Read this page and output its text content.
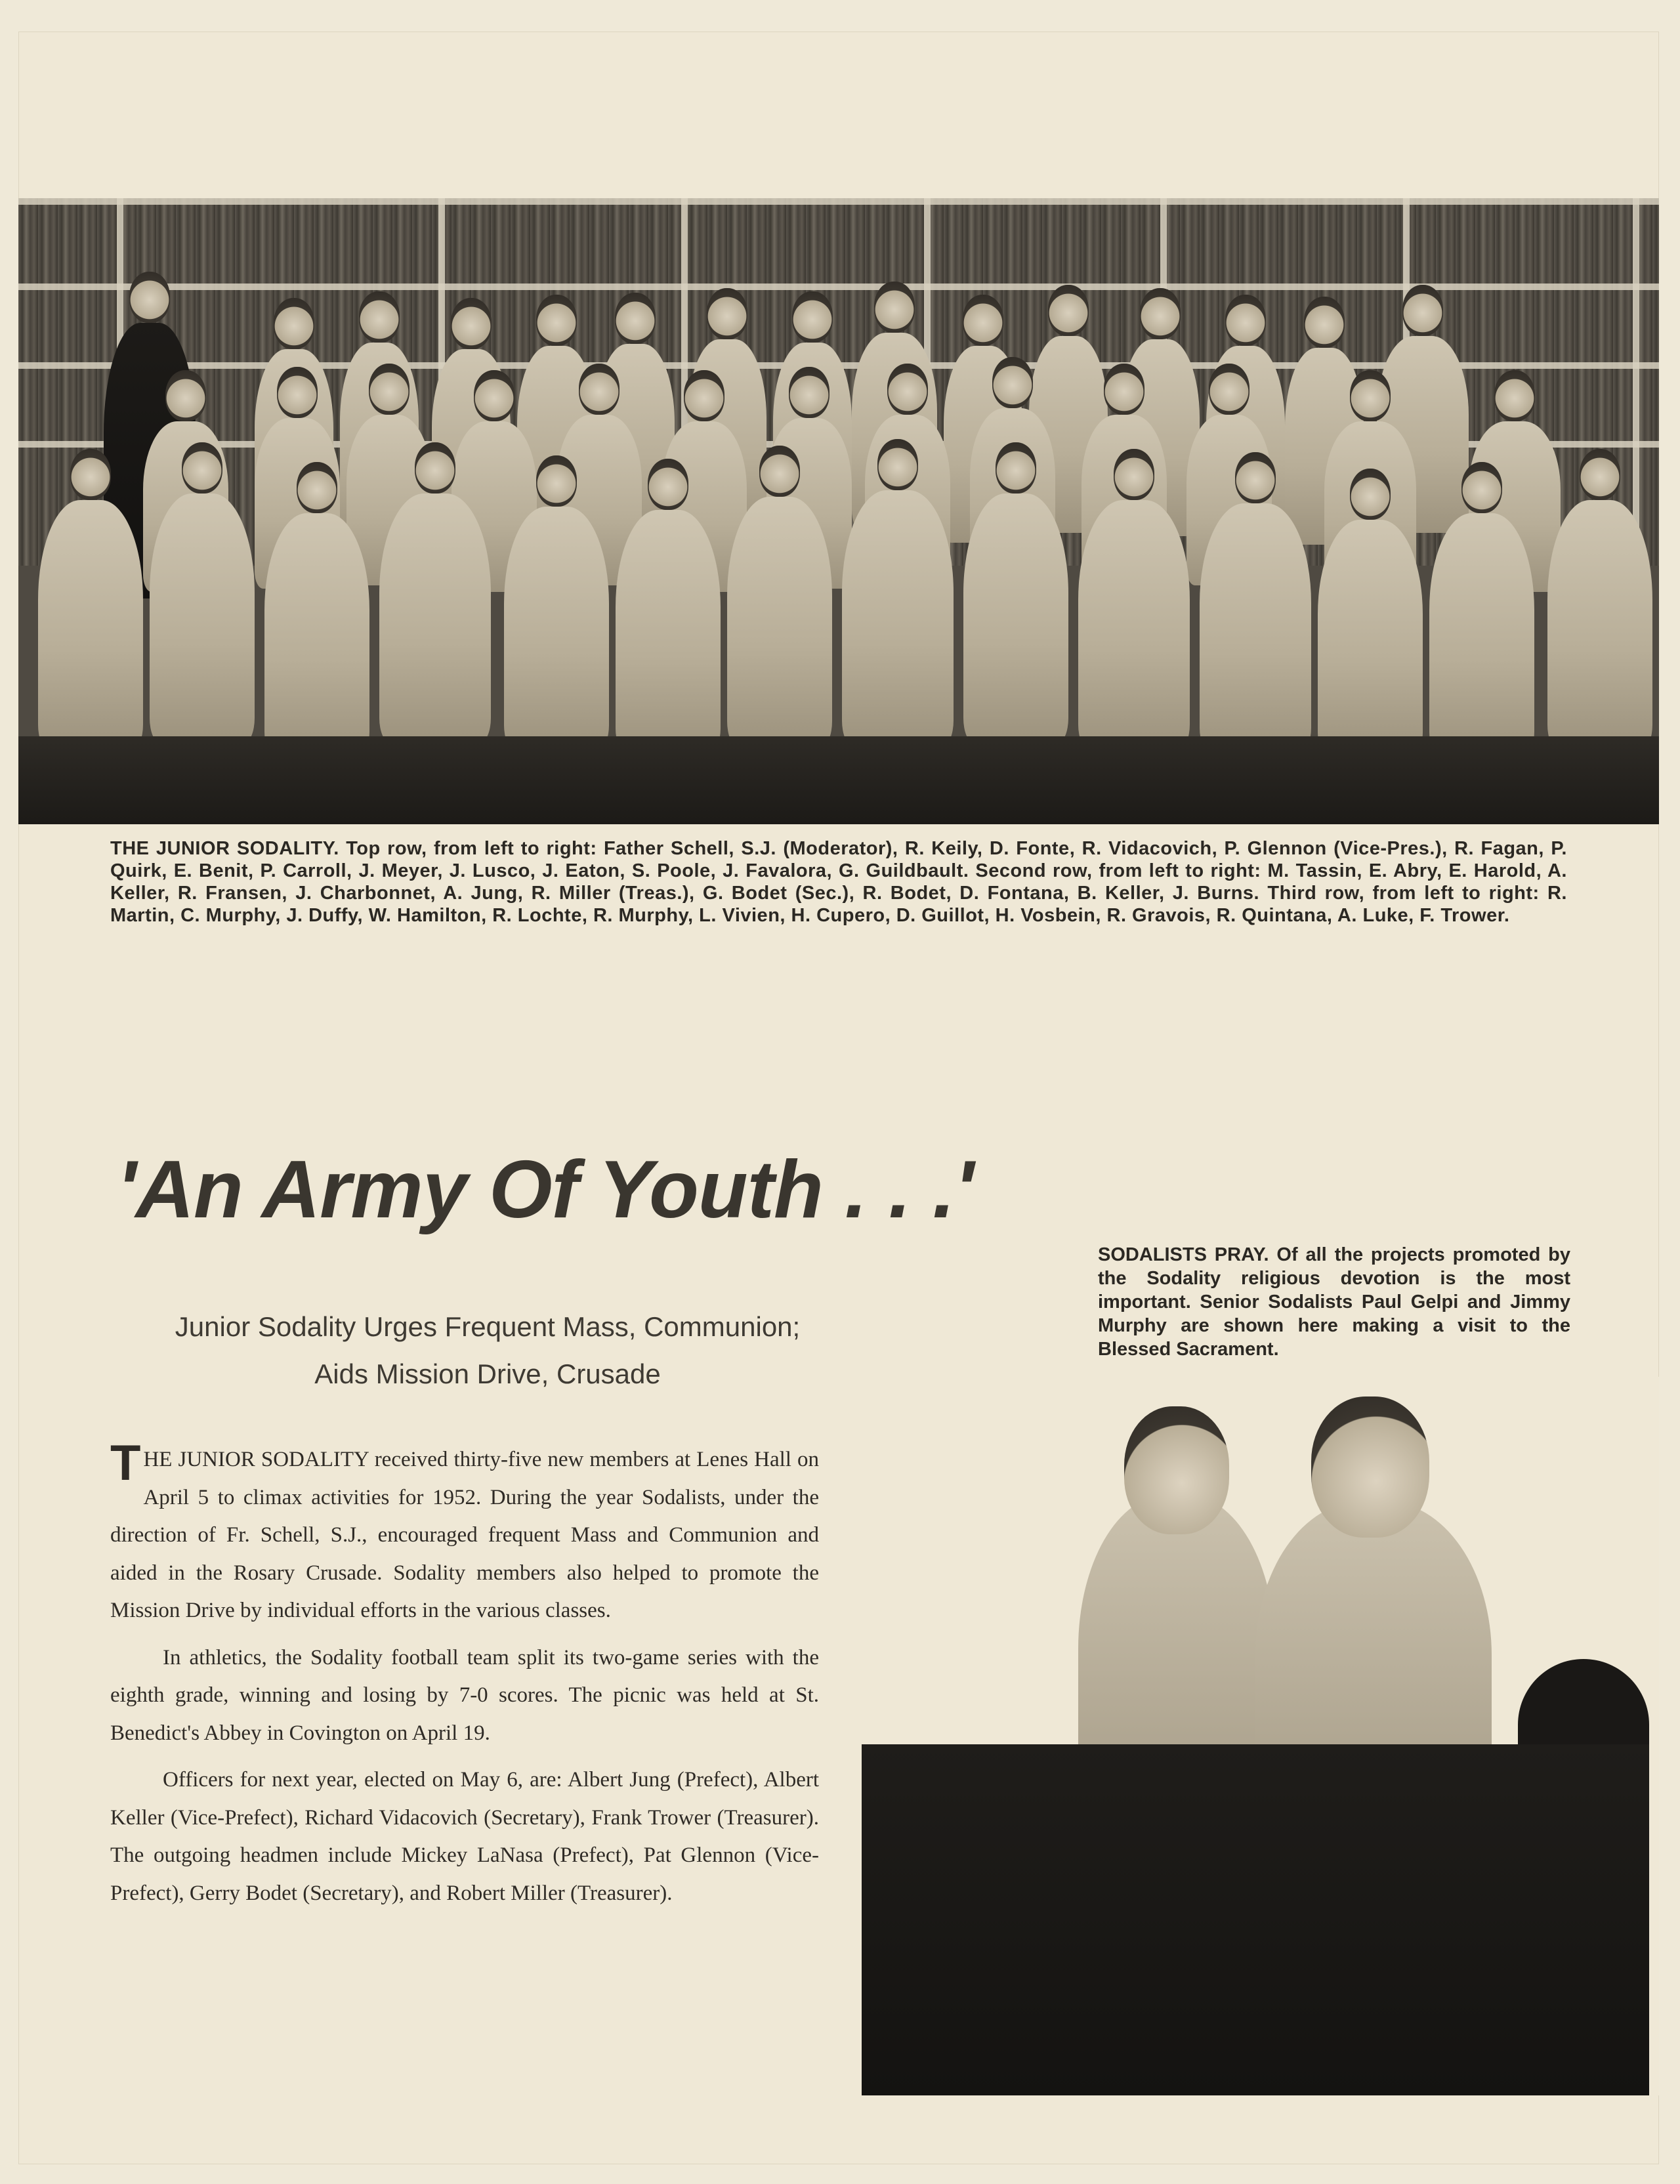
THE JUNIOR SODALITY. Top row, from left to right: Father Schell, S.J. (Moderator), R. Keily, D. Fonte, R. Vidacovich, P. Glennon (Vice-Pres.), R. Fagan, P. Quirk, E. Benit, P. Carroll, J. Meyer, J. Lusco, J. Eaton, S. Poole, J. Favalora, G. Guildbault. Second row, from left to right: M. Tassin, E. Abry, E. Harold, A. Keller, R. Fransen, J. Charbonnet, A. Jung, R. Miller (Treas.), G. Bodet (Sec.), R. Bodet, D. Fontana, B. Keller, J. Burns. Third row, from left to right: R. Martin, C. Murphy, J. Duffy, W. Hamilton, R. Lochte, R. Murphy, L. Vivien, H. Cupero, D. Guillot, H. Vosbein, R. Gravois, R. Quintana, A. Luke, F. Trower.
'An Army Of Youth . . .'
Junior Sodality Urges Frequent Mass, Communion;
Aids Mission Drive, Crusade

THE JUNIOR SODALITY received thirty-five new members at Lenes Hall on April 5 to climax activities for 1952. During the year Sodalists, under the direction of Fr. Schell, S.J., encouraged frequent Mass and Communion and aided in the Rosary Crusade. Sodality members also helped to promote the Mission Drive by individual efforts in the various classes.

In athletics, the Sodality football team split its two-game series with the eighth grade, winning and losing by 7-0 scores. The picnic was held at St. Benedict's Abbey in Covington on April 19.

Officers for next year, elected on May 6, are: Albert Jung (Prefect), Albert Keller (Vice-Prefect), Richard Vidacovich (Secretary), Frank Trower (Treasurer). The outgoing headmen include Mickey LaNasa (Prefect), Pat Glennon (Vice-Prefect), Gerry Bodet (Secretary), and Robert Miller (Treasurer).

SODALISTS PRAY. Of all the projects promoted by the Sodality religious devotion is the most important. Senior Sodalists Paul Gelpi and Jimmy Murphy are shown here making a visit to the Blessed Sacrament.
